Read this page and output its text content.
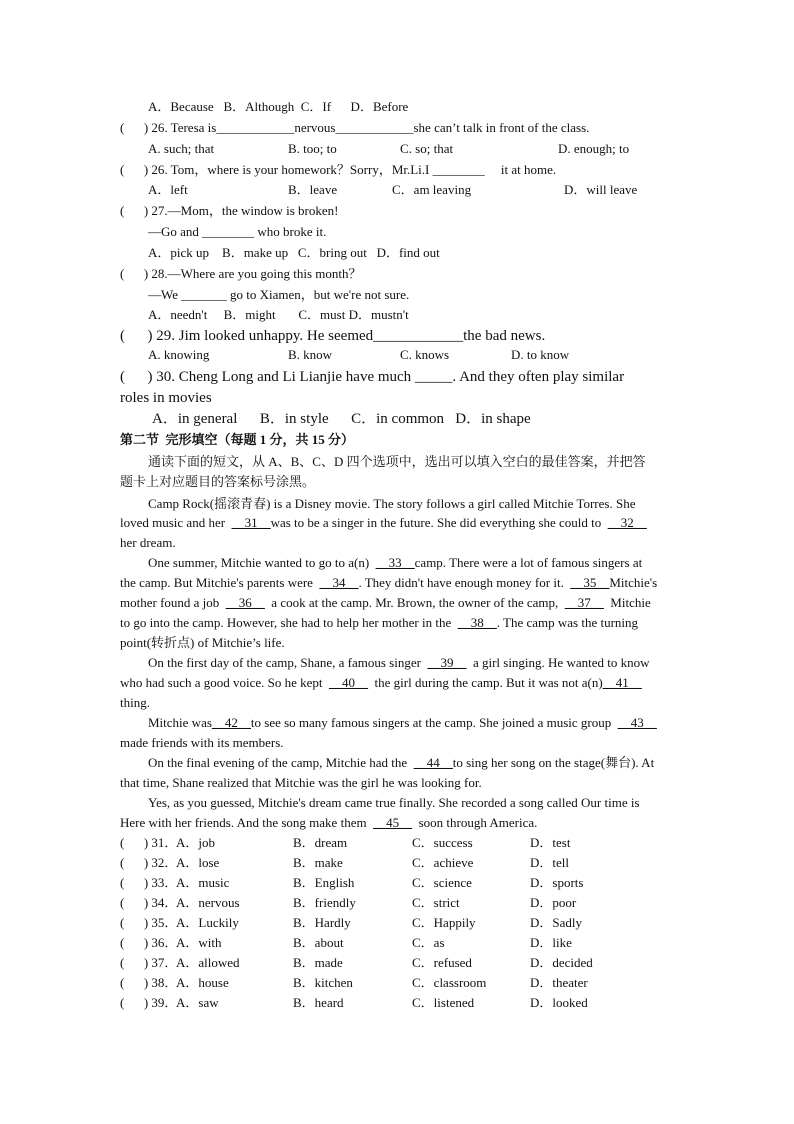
A．Because   B．Although  C．If      D．Before
(      ) 26. Teresa is____________nervous____________she can’t talk in front of the class.
A. such; that	B. too; to	C. so; that	D. enough; to
(      ) 26. Tom，where is your homework？Sorry，Mr.Li.I ________     it at home.
A．left	B．leave	C．am leaving	D．will leave
(      ) 27.—Mom，the window is broken!
—Go and ________ who broke it.
A．pick up    B．make up   C．bring out   D．find out
(      ) 28.—Where are you going this month？
—We _______ go to Xiamen，but we're not sure.
A．needn't     B．might       C．must D．mustn't
(      ) 29. Jim looked unhappy. He seemed____________the bad news.
A. knowing	B. know	C. knows	D. to know
(      ) 30. Cheng Long and Li Lianjie have much _____. And they often play similar
roles in movies
A．in general      B．in style      C．in common   D．in shape
第二节  完形填空（每题 1 分，共 15 分）
通读下面的短文，从 A、B、C、D 四个选项中，选出可以填入空白的最佳答案，并把答
题卡上对应题目的答案标号涂黑。
Camp Rock(摇滚青春) is a Disney movie. The story follows a girl called Mitchie Torres. She
loved music and her  __31__was to be a singer in the future. She did everything she could to  __32__
her dream.
One summer, Mitchie wanted to go to a(n)  __33__camp. There were a lot of famous singers at
the camp. But Mitchie's parents were  __34__. They didn't have enough money for it.  __35__Mitchie's
mother found a job  __36__  a cook at the camp. Mr. Brown, the owner of the camp,  __37__  Mitchie
to go into the camp. However, she had to help her mother in the  __38__. The camp was the turning
point(转折点) of Mitchie’s life.
On the first day of the camp, Shane, a famous singer  __39__  a girl singing. He wanted to know
who had such a good voice. So he kept  __40__  the girl during the camp. But it was not a(n)__41__
thing.
Mitchie was__42__to see so many famous singers at the camp. She joined a music group  __43__
made friends with its members.
On the final evening of the camp, Mitchie had the  __44__to sing her song on the stage(舞台). At
that time, Shane realized that Mitchie was the girl he was looking for.
Yes, as you guessed, Mitchie's dream came true finally. She recorded a song called Our time is
Here with her friends. And the song make them  __45__  soon through America.
(      ) 31．
A．job	B．dream	C．success	D．test
(      ) 32．
A．lose	B．make	C．achieve	D．tell
(      ) 33．
A．music	B．English	C．science	D．sports
(      ) 34．
A．nervous	B．friendly	C．strict	D．poor
(      ) 35．
A．Luckily	B．Hardly	C．Happily	D．Sadly
(      ) 36．
A．with	B．about	C．as	D．like
(      ) 37．
A．allowed	B．made	C．refused	D．decided
(      ) 38．
A．house	B．kitchen	C．classroom	D．theater
(      ) 39．
A．saw	B．heard	C．listened	D．looked
